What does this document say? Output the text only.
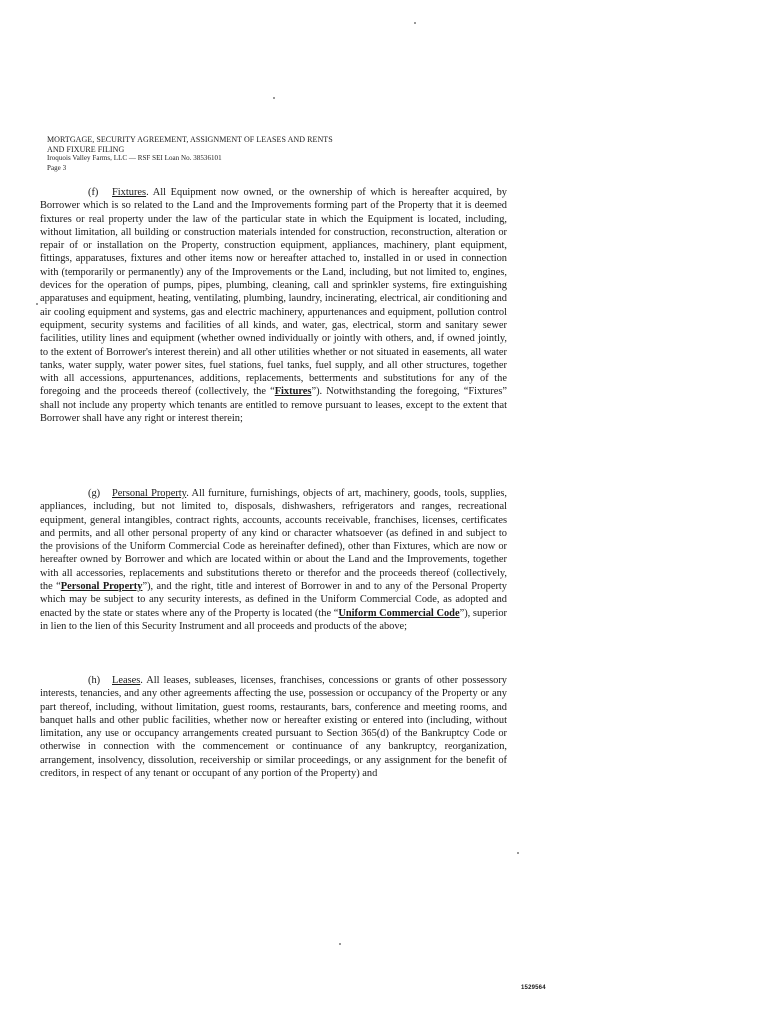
MORTGAGE, SECURITY AGREEMENT, ASSIGNMENT OF LEASES AND RENTS
AND FIXURE FILING
Iroquois Valley Farms, LLC — RSF SEI Loan No. 38536101
Page 3
(f) Fixtures. All Equipment now owned, or the ownership of which is hereafter acquired, by Borrower which is so related to the Land and the Improvements forming part of the Property that it is deemed fixtures or real property under the law of the particular state in which the Equipment is located, including, without limitation, all building or construction materials intended for construction, reconstruction, alteration or repair of or installation on the Property, construction equipment, appliances, machinery, plant equipment, fittings, apparatuses, fixtures and other items now or hereafter attached to, installed in or used in connection with (temporarily or permanently) any of the Improvements or the Land, including, but not limited to, engines, devices for the operation of pumps, pipes, plumbing, cleaning, call and sprinkler systems, fire extinguishing apparatuses and equipment, heating, ventilating, plumbing, laundry, incinerating, electrical, air conditioning and air cooling equipment and systems, gas and electric machinery, appurtenances and equipment, pollution control equipment, security systems and facilities of all kinds, and water, gas, electrical, storm and sanitary sewer facilities, utility lines and equipment (whether owned individually or jointly with others, and, if owned jointly, to the extent of Borrower's interest therein) and all other utilities whether or not situated in easements, all water tanks, water supply, water power sites, fuel stations, fuel tanks, fuel supply, and all other structures, together with all accessions, appurtenances, additions, replacements, betterments and substitutions for any of the foregoing and the proceeds thereof (collectively, the “Fixtures”). Notwithstanding the foregoing, “Fixtures” shall not include any property which tenants are entitled to remove pursuant to leases, except to the extent that Borrower shall have any right or interest therein;
(g) Personal Property. All furniture, furnishings, objects of art, machinery, goods, tools, supplies, appliances, including, but not limited to, disposals, dishwashers, refrigerators and ranges, recreational equipment, general intangibles, contract rights, accounts, accounts receivable, franchises, licenses, certificates and permits, and all other personal property of any kind or character whatsoever (as defined in and subject to the provisions of the Uniform Commercial Code as hereinafter defined), other than Fixtures, which are now or hereafter owned by Borrower and which are located within or about the Land and the Improvements, together with all accessories, replacements and substitutions thereto or therefor and the proceeds thereof (collectively, the “Personal Property”), and the right, title and interest of Borrower in and to any of the Personal Property which may be subject to any security interests, as defined in the Uniform Commercial Code, as adopted and enacted by the state or states where any of the Property is located (the “Uniform Commercial Code”), superior in lien to the lien of this Security Instrument and all proceeds and products of the above;
(h) Leases. All leases, subleases, licenses, franchises, concessions or grants of other possessory interests, tenancies, and any other agreements affecting the use, possession or occupancy of the Property or any part thereof, including, without limitation, guest rooms, restaurants, bars, conference and meeting rooms, and banquet halls and other public facilities, whether now or hereafter existing or entered into (including, without limitation, any use or occupancy arrangements created pursuant to Section 365(d) of the Bankruptcy Code or otherwise in connection with the commencement or continuance of any bankruptcy, reorganization, arrangement, insolvency, dissolution, receivership or similar proceedings, or any assignment for the benefit of creditors, in respect of any tenant or occupant of any portion of the Property) and
1529564
